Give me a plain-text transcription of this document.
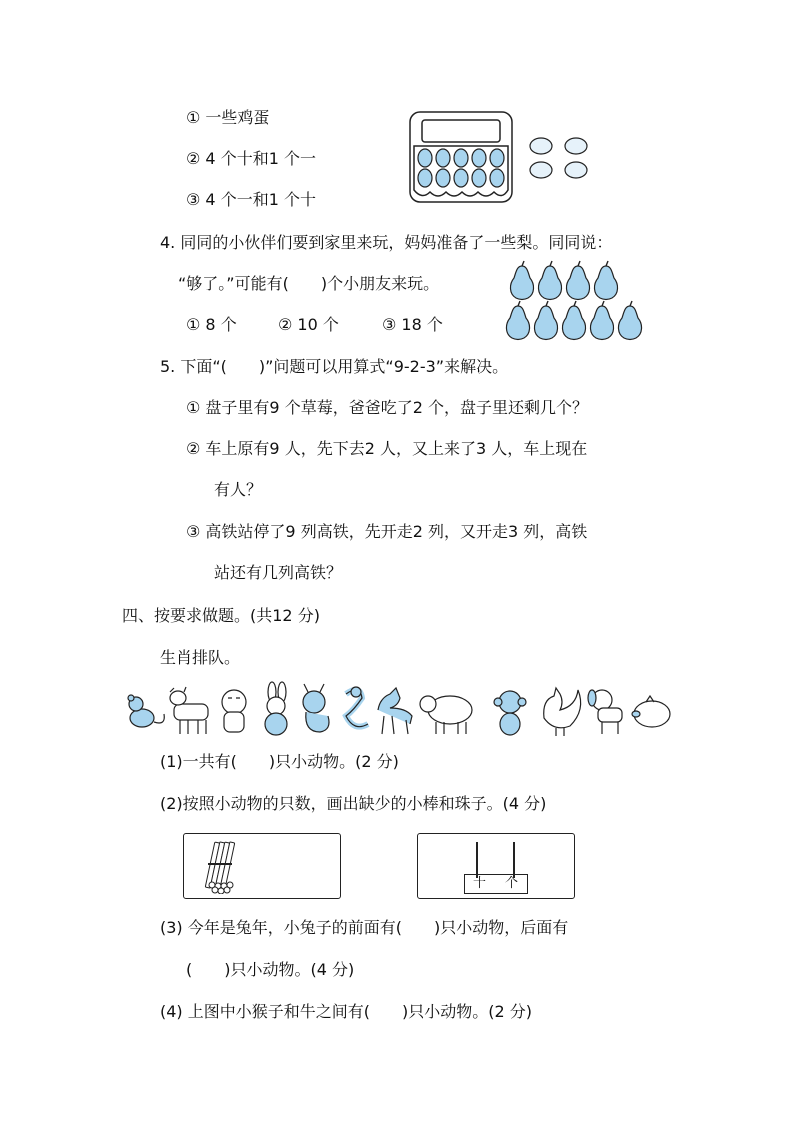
① 一些鸡蛋
② 4 个十和1 个一
③ 4 个一和1 个十
4. 同同的小伙伴们要到家里来玩，妈妈准备了一些梨。同同说：
“够了。”可能有(　　)个小朋友来玩。
① 8 个	② 10 个	③ 18 个
5. 下面“(　　)”问题可以用算式“9-2-3”来解决。
① 盘子里有9 个草莓，爸爸吃了2 个，盘子里还剩几个？
② 车上原有9 人，先下去2 人，又上来了3 人，车上现在
有人？
③ 高铁站停了9 列高铁，先开走2 列，又开走3 列，高铁
站还有几列高铁？
四、按要求做题。(共12 分)
生肖排队。
(1)一共有(　　)只小动物。(2 分)
(2)按照小动物的只数，画出缺少的小棒和珠子。(4 分)
十 个
(3) 今年是兔年，小兔子的前面有(　　)只小动物，后面有
(　　)只小动物。(4 分)
(4) 上图中小猴子和牛之间有(　　)只小动物。(2 分)
